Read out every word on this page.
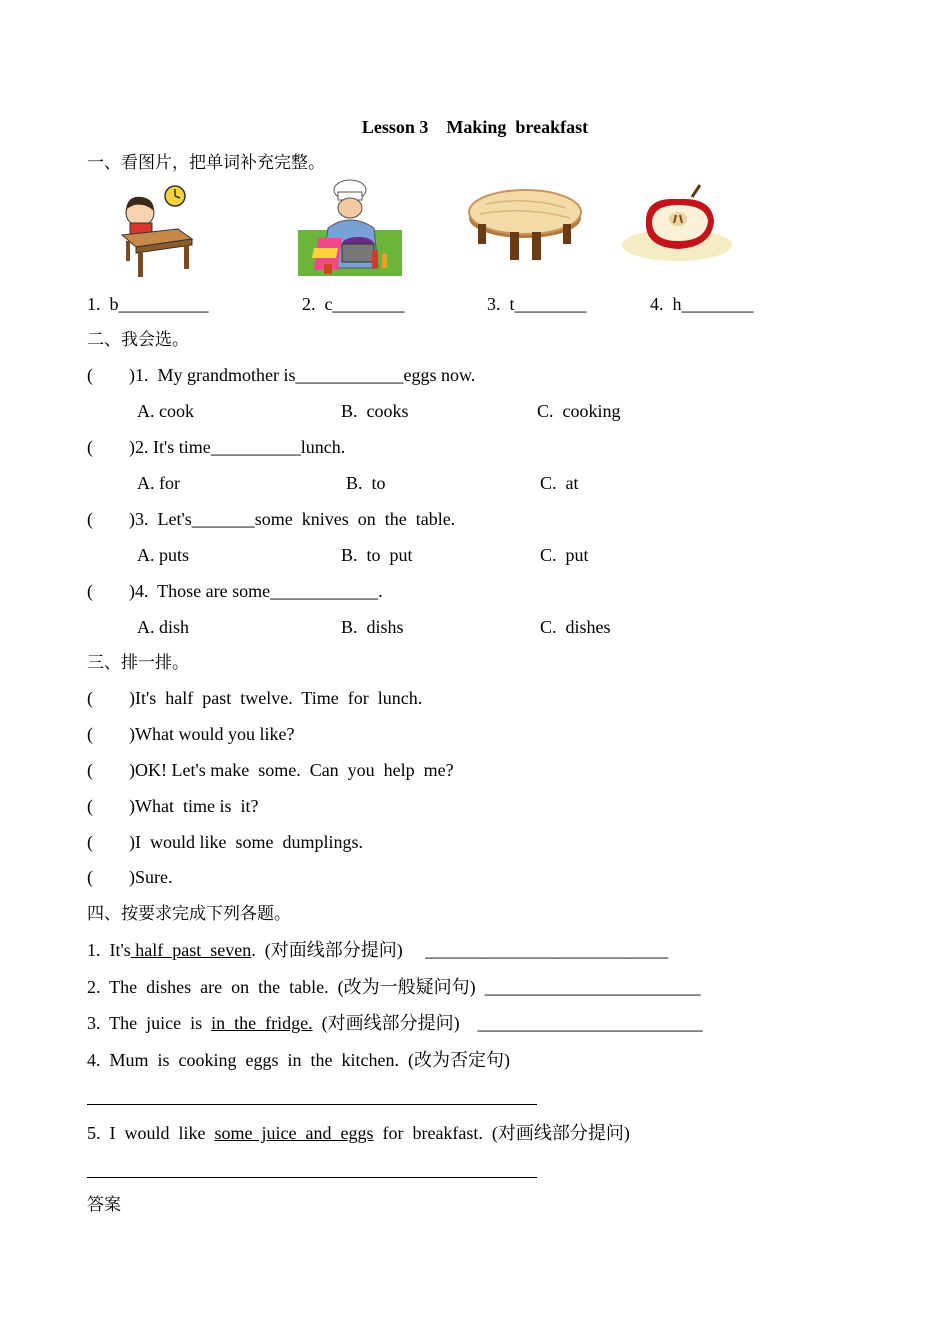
Lesson 3    Making  breakfast
一、看图片，把单词补充完整。
1.  b__________	2.  c________	3.  t________	4.  h________
二、我会选。
(        )1.  My grandmother is____________eggs now.
A. cook	B.  cooks	C.  cooking
(        )2. It's time__________lunch.
A. for	B.  to	C.  at
(        )3.  Let's_______some  knives  on  the  table.
A. puts	B.  to  put	C.  put
(        )4.  Those are some____________.
A. dish	B.  dishs	C.  dishes
三、排一排。
(        )It's  half  past  twelve.  Time  for  lunch.
(        )What would you like?
(        )OK! Let's make  some.  Can  you  help  me?
(        )What  time is  it?
(        )I  would like  some  dumplings.
(        )Sure.
四、按要求完成下列各题。
1.  It's half  past  seven.  (对面线部分提问)     ___________________________
2.  The  dishes  are  on  the  table.  (改为一般疑问句)  ________________________
3.  The  juice  is  in  the  fridge.  (对画线部分提问)    _________________________
4.  Mum  is  cooking  eggs  in  the  kitchen.  (改为否定句)
5.  I  would  like  some  juice  and  eggs  for  breakfast.  (对画线部分提问)
答案
